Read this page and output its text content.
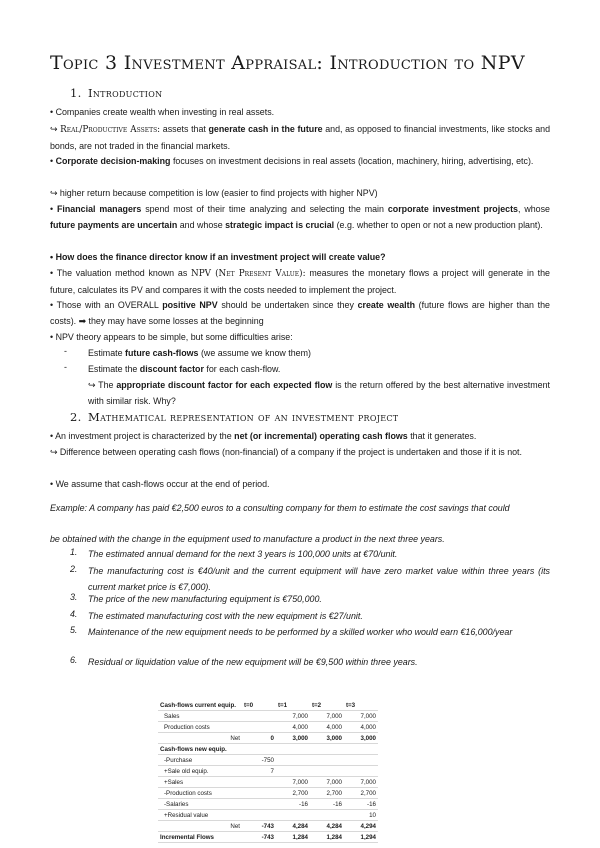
Topic 3 Investment Appraisal: Introduction to NPV
1. Introduction
• Companies create wealth when investing in real assets.
↪ Real/Productive Assets: assets that generate cash in the future and, as opposed to financial investments, like stocks and bonds, are not traded in the financial markets.
• Corporate decision-making focuses on investment decisions in real assets (location, machinery, hiring, advertising, etc).
↪ higher return because competition is low (easier to find projects with higher NPV)
• Financial managers spend most of their time analyzing and selecting the main corporate investment projects, whose future payments are uncertain and whose strategic impact is crucial (e.g. whether to open or not a new production plant).
• How does the finance director know if an investment project will create value?
• The valuation method known as NPV (Net Present Value): measures the monetary flows a project will generate in the future, calculates its PV and compares it with the costs needed to implement the project.
• Those with an OVERALL positive NPV should be undertaken since they create wealth (future flows are higher than the costs). ➡ they may have some losses at the beginning
• NPV theory appears to be simple, but some difficulties arise:
- Estimate future cash-flows (we assume we know them)
- Estimate the discount factor for each cash-flow.
↪ The appropriate discount factor for each expected flow is the return offered by the best alternative investment with similar risk. Why?
2. Mathematical representation of an investment project
• An investment project is characterized by the net (or incremental) operating cash flows that it generates.
↪ Difference between operating cash flows (non-financial) of a company if the project is undertaken and those if it is not.
• We assume that cash-flows occur at the end of period.
Example: A company has paid €2,500 euros to a consulting company for them to estimate the cost savings that could
be obtained with the change in the equipment used to manufacture a product in the next three years.
1. The estimated annual demand for the next 3 years is 100,000 units at €70/unit.
2. The manufacturing cost is €40/unit and the current equipment will have zero market value within three years (its current market price is €7,000).
3. The price of the new manufacturing equipment is €750,000.
4. The estimated manufacturing cost with the new equipment is €27/unit.
5. Maintenance of the new equipment needs to be performed by a skilled worker who would earn €16,000/year
6. Residual or liquidation value of the new equipment will be €9,500 within three years.
Cash-flows current equip.	t=0	t=1	t=2	t=3
Sales		7,000	7,000	7,000
Production costs		4,000	4,000	4,000
Net	0	3,000	3,000	3,000
Cash-flows new equip.				
-Purchase	-750			
+Sale old equip.	7			
+Sales		7,000	7,000	7,000
-Production costs		2,700	2,700	2,700
-Salaries		-16	-16	-16
+Residual value				10
Net	-743	4,284	4,284	4,294
Incremental Flows	-743	1,284	1,284	1,294
